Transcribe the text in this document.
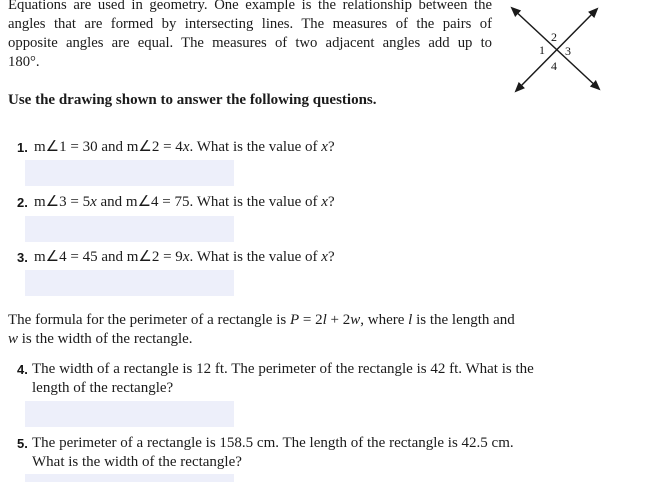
Equations are used in geometry. One example is the relationship between the
angles that are formed by intersecting lines. The measures of the pairs of
opposite angles are equal. The measures of two adjacent angles add up to
180°.
2
1 3
4
Use the drawing shown to answer the following questions.
1. m∠1 = 30 and m∠2 = 4x. What is the value of x?
2. m∠3 = 5x and m∠4 = 75. What is the value of x?
3. m∠4 = 45 and m∠2 = 9x. What is the value of x?
The formula for the perimeter of a rectangle is P = 2l + 2w, where l is the length and
w is the width of the rectangle.
4. The width of a rectangle is 12 ft. The perimeter of the rectangle is 42 ft. What is the
length of the rectangle?
5. The perimeter of a rectangle is 158.5 cm. The length of the rectangle is 42.5 cm.
What is the width of the rectangle?
